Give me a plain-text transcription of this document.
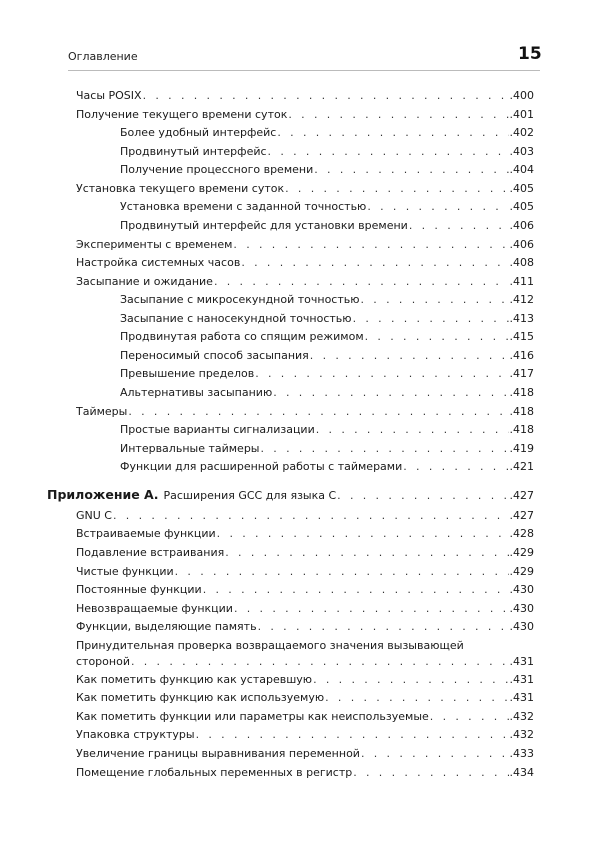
Оглавление	15
Часы POSIX . . .	.400
Получение текущего времени суток . . .	.401
Более удобный интерфейс . . .	.402
Продвинутый интерфейс . . .	.403
Получение процессного времени . . .	.404
Установка текущего времени суток . . .	.405
Установка времени с заданной точностью . . .	.405
Продвинутый интерфейс для установки времени . . .	.406
Эксперименты с временем . . .	.406
Настройка системных часов . . .	.408
Засыпание и ожидание . . .	.411
Засыпание с микросекундной точностью . . .	.412
Засыпание с наносекундной точностью . . .	.413
Продвинутая работа со спящим режимом . . .	.415
Переносимый способ засыпания . . .	.416
Превышение пределов . . .	.417
Альтернативы засыпанию . . .	.418
Таймеры . . .	.418
Простые варианты сигнализации . . .	.418
Интервальные таймеры . . .	.419
Функции для расширенной работы с таймерами . . .	.421
Приложение А. Расширения GCC для языка С . . .	.427
GNU C . . .	.427
Встраиваемые функции . . .	.428
Подавление встраивания . . .	.429
Чистые функции . . .	.429
Постоянные функции . . .	.430
Невозвращаемые функции . . .	.430
Функции, выделяющие память . . .	.430
Принудительная проверка возвращаемого значения вызывающей
стороной . . .	.431
Как пометить функцию как устаревшую . . .	.431
Как пометить функцию как используемую . . .	.431
Как пометить функции или параметры как неиспользуемые . . .	.432
Упаковка структуры . . .	.432
Увеличение границы выравнивания переменной . . .	.433
Помещение глобальных переменных в регистр . . .	.434
